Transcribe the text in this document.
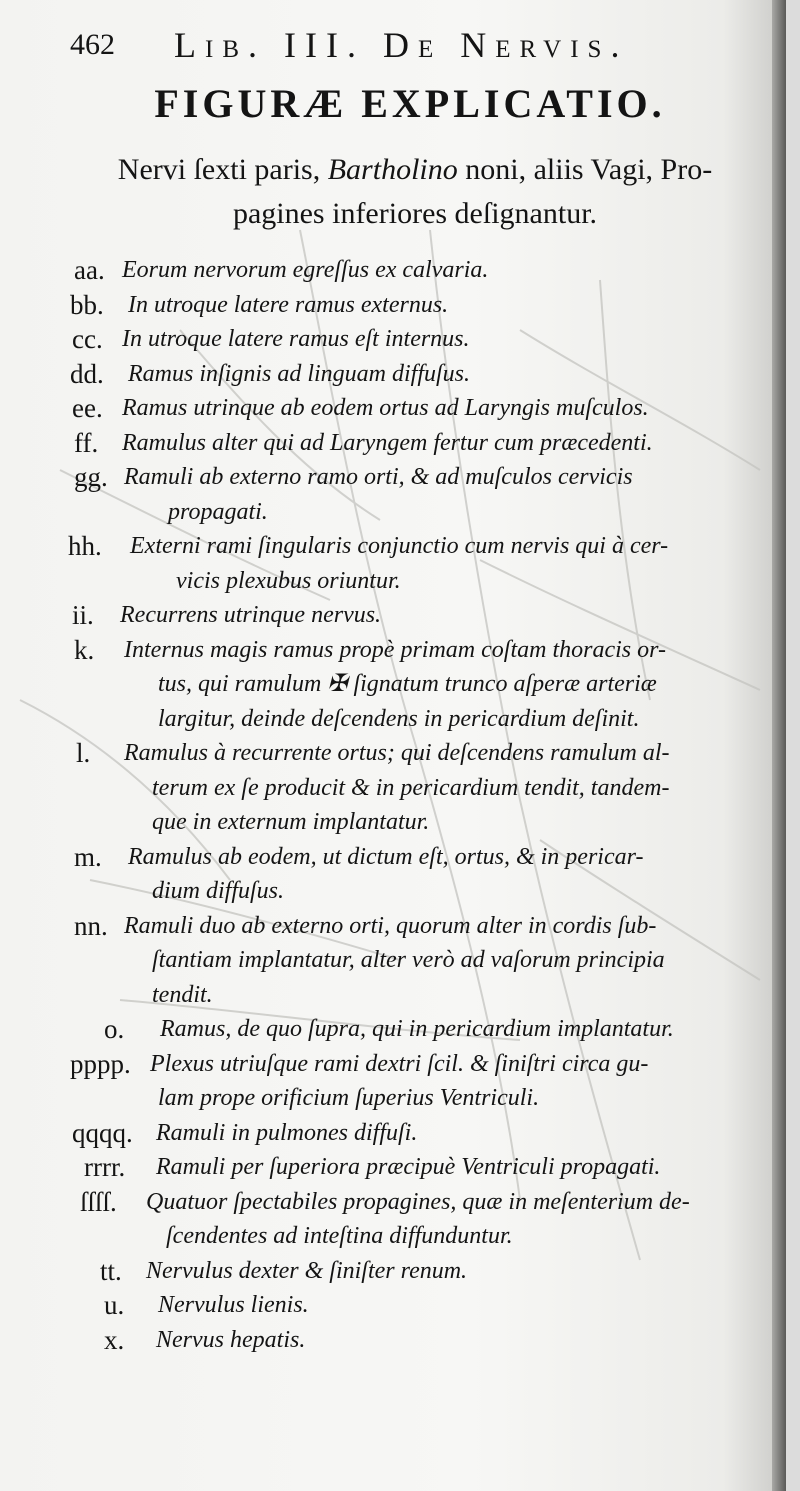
462 Lib. III. De Nervis.
FIGURÆ EXPLICATIO.
Nervi ſexti paris, Bartholino noni, aliis Vagi, Pro-
pagines inferiores deſignantur.
aa. Eorum nervorum egreſſus ex calvaria.
bb. In utroque latere ramus externus.
cc. In utroque latere ramus eſt internus.
dd. Ramus inſignis ad linguam diffuſus.
ee. Ramus utrinque ab eodem ortus ad Laryngis muſculos.
ff. Ramulus alter qui ad Laryngem fertur cum præcedenti.
gg. Ramuli ab externo ramo orti, & ad muſculos cervicis
propagati.
hh. Externi rami ſingularis conjunctio cum nervis qui à cer-
vicis plexubus oriuntur.
ii. Recurrens utrinque nervus.
k. Internus magis ramus propè primam coſtam thoracis or-
tus, qui ramulum ✠ ſignatum trunco aſperæ arteriæ
largitur, deinde deſcendens in pericardium deſinit.
l. Ramulus à recurrente ortus; qui deſcendens ramulum al-
terum ex ſe producit & in pericardium tendit, tandem-
que in externum implantatur.
m. Ramulus ab eodem, ut dictum eſt, ortus, & in pericar-
dium diffuſus.
nn. Ramuli duo ab externo orti, quorum alter in cordis ſub-
ſtantiam implantatur, alter verò ad vaſorum principia
tendit.
o. Ramus, de quo ſupra, qui in pericardium implantatur.
pppp. Plexus utriuſque rami dextri ſcil. & ſiniſtri circa gu-
lam prope orificium ſuperius Ventriculi.
qqqq. Ramuli in pulmones diffuſi.
rrrr. Ramuli per ſuperiora præcipuè Ventriculi propagati.
ſſſſ. Quatuor ſpectabiles propagines, quæ in meſenterium de-
ſcendentes ad inteſtina diffunduntur.
tt. Nervulus dexter & ſiniſter renum.
u. Nervulus lienis.
x. Nervus hepatis.
